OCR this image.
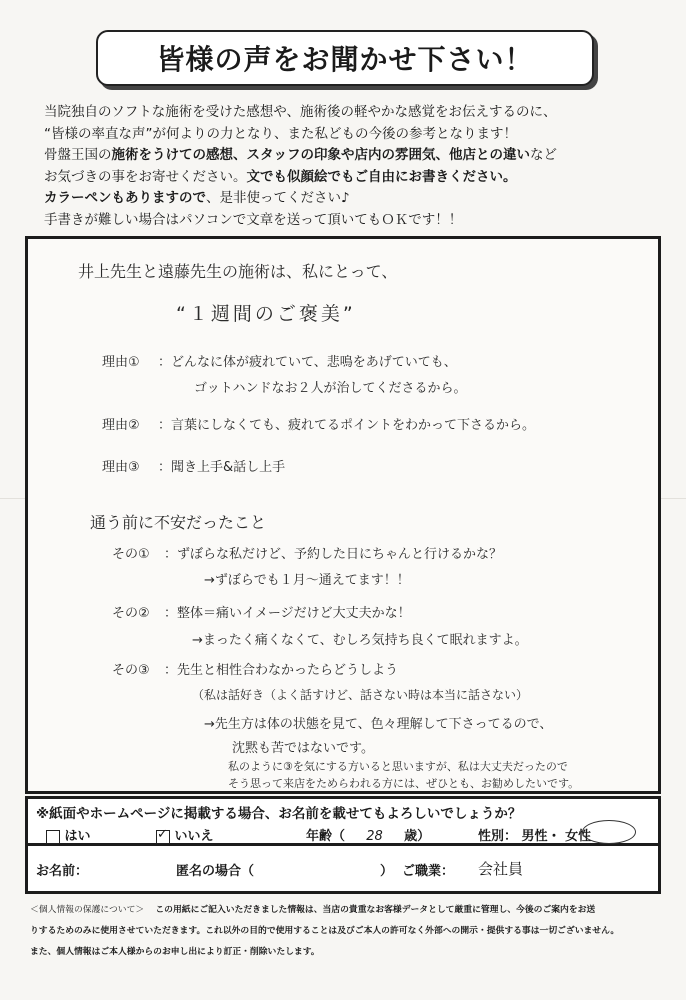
皆様の声をお聞かせ下さい！
当院独自のソフトな施術を受けた感想や、施術後の軽やかな感覚をお伝えするのに、
“皆様の率直な声”が何よりの力となり、また私どもの今後の参考となります！
骨盤王国の施術をうけての感想、スタッフの印象や店内の雰囲気、他店との違いなど
お気づきの事をお寄せください。文でも似顔絵でもご自由にお書きください。
カラーペンもありますので、是非使ってください♪
手書きが難しい場合はパソコンで文章を送って頂いてもＯＫです！！
井上先生と遠藤先生の施術は、私にとって、
“１週間のご褒美”
理由① ：どんなに体が疲れていて、悲鳴をあげていても、
ゴットハンドなお２人が治してくださるから。
理由② ：言葉にしなくても、疲れてるポイントをわかって下さるから。
理由③ ：聞き上手&話し上手
通う前に不安だったこと
その① ：ずぼらな私だけど、予約した日にちゃんと行けるかな？
→ずぼらでも１月〜通えてます！！
その② ：整体＝痛いイメージだけど大丈夫かな！
→まったく痛くなくて、むしろ気持ち良くて眠れますよ。
その③ ：先生と相性合わなかったらどうしよう
（私は話好き（よく話すけど、話さない時は本当に話さない）
→先生方は体の状態を見て、色々理解して下さってるので、
沈黙も苦ではないです。
私のように③を気にする方いると思いますが、私は大丈夫だったので
そう思って来店をためらわれる方には、ぜひとも、お勧めしたいです。
※紙面やホームページに掲載する場合、お名前を載せてもよろしいでしょうか？
はい	✓ いいえ	年齢（ 28 歳）	性別： 男性・ 女性
お名前：	匿名の場合（	） ご職業： 会社員
＜個人情報の保護について＞ この用紙にご記入いただきました情報は、当店の貴重なお客様データとして厳重に管理し、今後のご案内をお送
りするためのみに使用させていただきます。これ以外の目的で使用することは及びご本人の許可なく外部への開示・提供する事は一切ございません。
また、個人情報はご本人様からのお申し出により訂正・削除いたします。
